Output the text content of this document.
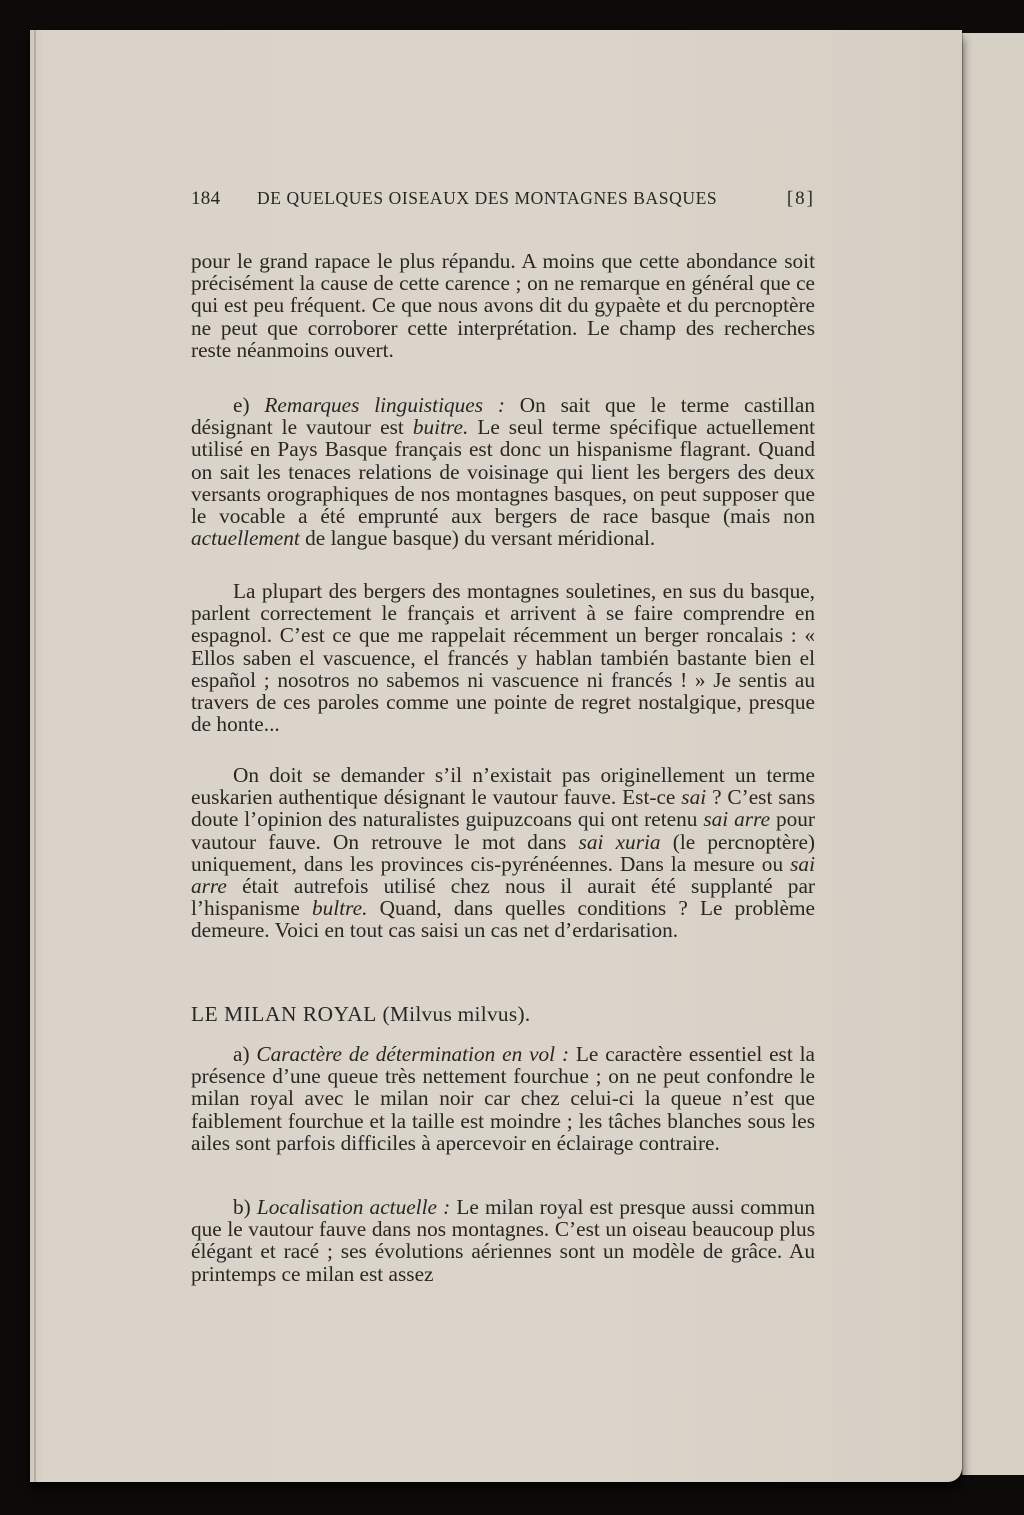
184	DE QUELQUES OISEAUX DES MONTAGNES BASQUES	[8]

pour le grand rapace le plus répandu. A moins que cette abondance soit précisément la cause de cette carence ; on ne remarque en général que ce qui est peu fréquent. Ce que nous avons dit du gypaète et du percnoptère ne peut que corroborer cette interprétation. Le champ des recherches reste néanmoins ouvert.

e) Remarques linguistiques : On sait que le terme castillan désignant le vautour est buitre. Le seul terme spécifique actuellement utilisé en Pays Basque français est donc un hispanisme flagrant. Quand on sait les tenaces relations de voisinage qui lient les bergers des deux versants orographiques de nos montagnes basques, on peut supposer que le vocable a été emprunté aux bergers de race basque (mais non actuellement de langue basque) du versant méridional.

La plupart des bergers des montagnes souletines, en sus du basque, parlent correctement le français et arrivent à se faire comprendre en espagnol. C’est ce que me rappelait récemment un berger roncalais : « Ellos saben el vascuence, el francés y hablan también bastante bien el español ; nosotros no sabemos ni vascuence ni francés ! » Je sentis au travers de ces paroles comme une pointe de regret nostalgique, presque de honte...

On doit se demander s’il n’existait pas originellement un terme euskarien authentique désignant le vautour fauve. Est-ce sai ? C’est sans doute l’opinion des naturalistes guipuzcoans qui ont retenu sai arre pour vautour fauve. On retrouve le mot dans sai xuria (le percnoptère) uniquement, dans les provinces cis-pyrénéennes. Dans la mesure ou sai arre était autrefois utilisé chez nous il aurait été supplanté par l’hispanisme bultre. Quand, dans quelles conditions ? Le problème demeure. Voici en tout cas saisi un cas net d’erdarisation.

LE MILAN ROYAL (Milvus milvus).

a) Caractère de détermination en vol : Le caractère essentiel est la présence d’une queue très nettement fourchue ; on ne peut confondre le milan royal avec le milan noir car chez celui-ci la queue n’est que faiblement fourchue et la taille est moindre ; les tâches blanches sous les ailes sont parfois difficiles à apercevoir en éclairage contraire.

b) Localisation actuelle : Le milan royal est presque aussi commun que le vautour fauve dans nos montagnes. C’est un oiseau beaucoup plus élégant et racé ; ses évolutions aériennes sont un modèle de grâce. Au printemps ce milan est assez
